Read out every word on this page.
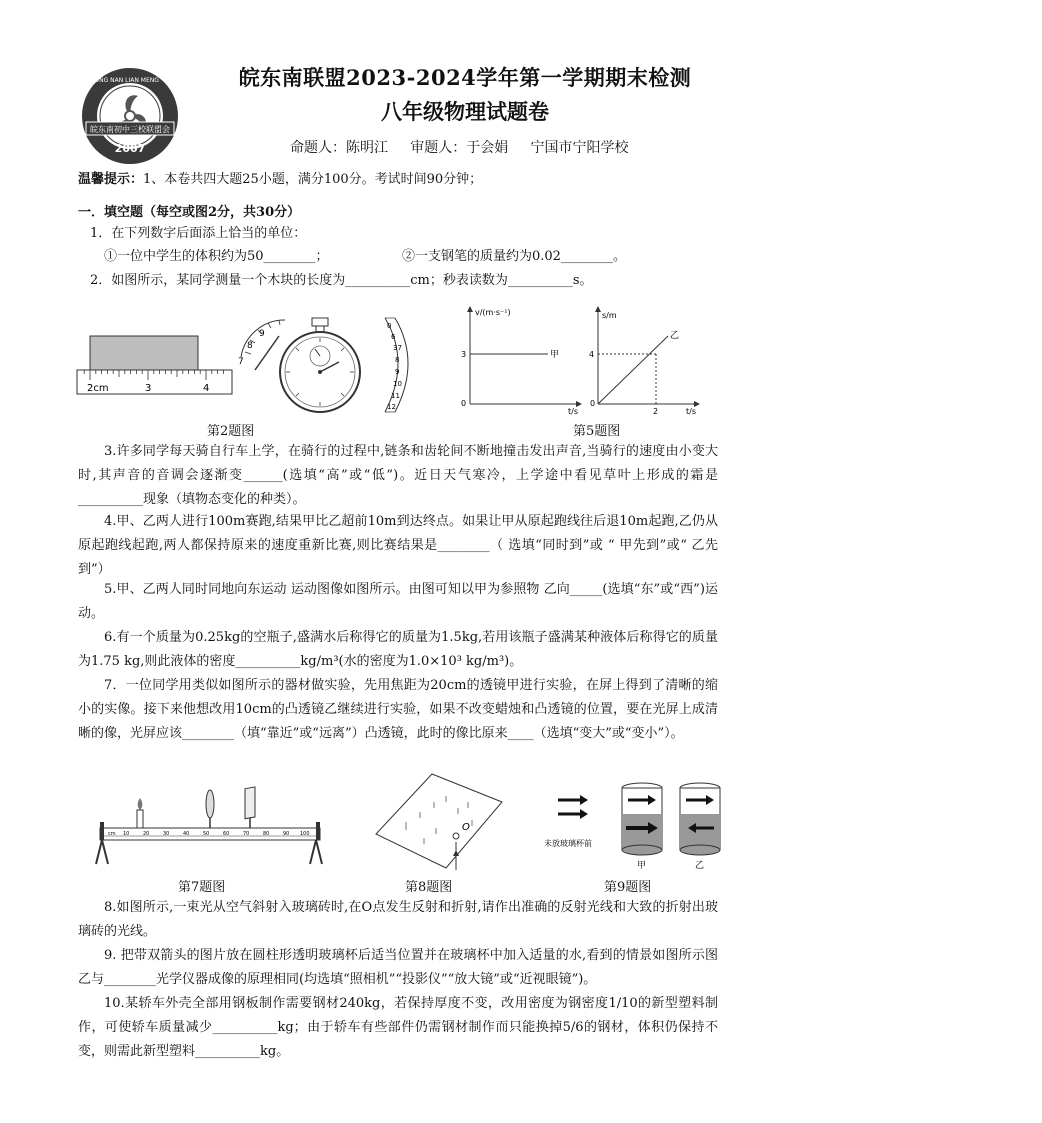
皖东南初中三校联盟会
2007
WAN DONG NAN LIAN MENG · HUI QU	皖东南联盟2023-2024学年第一学期期末检测
八年级物理试题卷
命题人：陈明江     审题人：于会娟     宁国市宁阳学校
温馨提示：1、本卷共四大题25小题，满分100分。考试时间90分钟；
一．填空题（每空或图2分，共30分）
1．在下列数字后面添上恰当的单位：
①一位中学生的体积约为50________；	②一支钢笔的质量约为0.02________。
2．如图所示，某同学测量一个木块的长度为__________cm；秒表读数为__________s。
2cm	3	4
7
8
9
0
6
37
8
9
10
11
12
第2题图
v/(m·s⁻¹)
t/s
0
3	甲
s/m
t/s
0
4
2
乙
第5题图
3.许多同学每天骑自行车上学，在骑行的过程中,链条和齿轮间不断地撞击发出声音,当骑行的速度由小变大时,其声音的音调会逐渐变______(选填“高”或“低”)。近日天气寒冷，上学途中看见草叶上形成的霜是 __________现象（填物态变化的种类）。
4.甲、乙两人进行100m赛跑,结果甲比乙超前10m到达终点。如果让甲从原起跑线往后退10m起跑,乙仍从原起跑线起跑,两人都保持原来的速度重新比赛,则比赛结果是________（ 选填“同时到”或 “ 甲先到”或“ 乙先到”）
5.甲、乙两人同时同地向东运动 运动图像如图所示。由图可知以甲为参照物 乙向_____(选填“东”或“西”)运动。
6.有一个质量为0.25kg的空瓶子,盛满水后称得它的质量为1.5kg,若用该瓶子盛满某种液体后称得它的质量为1.75 kg,则此液体的密度__________kg/m³(水的密度为1.0×10³ kg/m³)。
7．一位同学用类似如图所示的器材做实验，先用焦距为20cm的透镜甲进行实验，在屏上得到了清晰的缩小的实像。接下来他想改用10cm的凸透镜乙继续进行实验，如果不改变蜡烛和凸透镜的位置，要在光屏上成清晰的像，光屏应该________（填“靠近”或“远离”）凸透镜，此时的像比原来____（选填“变大”或“变小”）。
cm 10	20	30	40	50	60	70	80	90 100
第7题图
O
第8题图
未放玻璃杯前
甲	乙
第9题图
8.如图所示,一束光从空气斜射入玻璃砖时,在O点发生反射和折射,请作出准确的反射光线和大致的折射出玻璃砖的光线。
9. 把带双箭头的图片放在圆柱形透明玻璃杯后适当位置并在玻璃杯中加入适量的水,看到的情景如图所示图乙与________光学仪器成像的原理相同(均选填“照相机”“投影仪”“放大镜”或“近视眼镜”)。
10.某轿车外壳全部用钢板制作需要钢材240kg，若保持厚度不变，改用密度为钢密度1/10的新型塑料制作，可使轿车质量减少__________kg；由于轿车有些部件仍需钢材制作而只能换掉5/6的钢材，体积仍保持不变，则需此新型塑料__________kg。
